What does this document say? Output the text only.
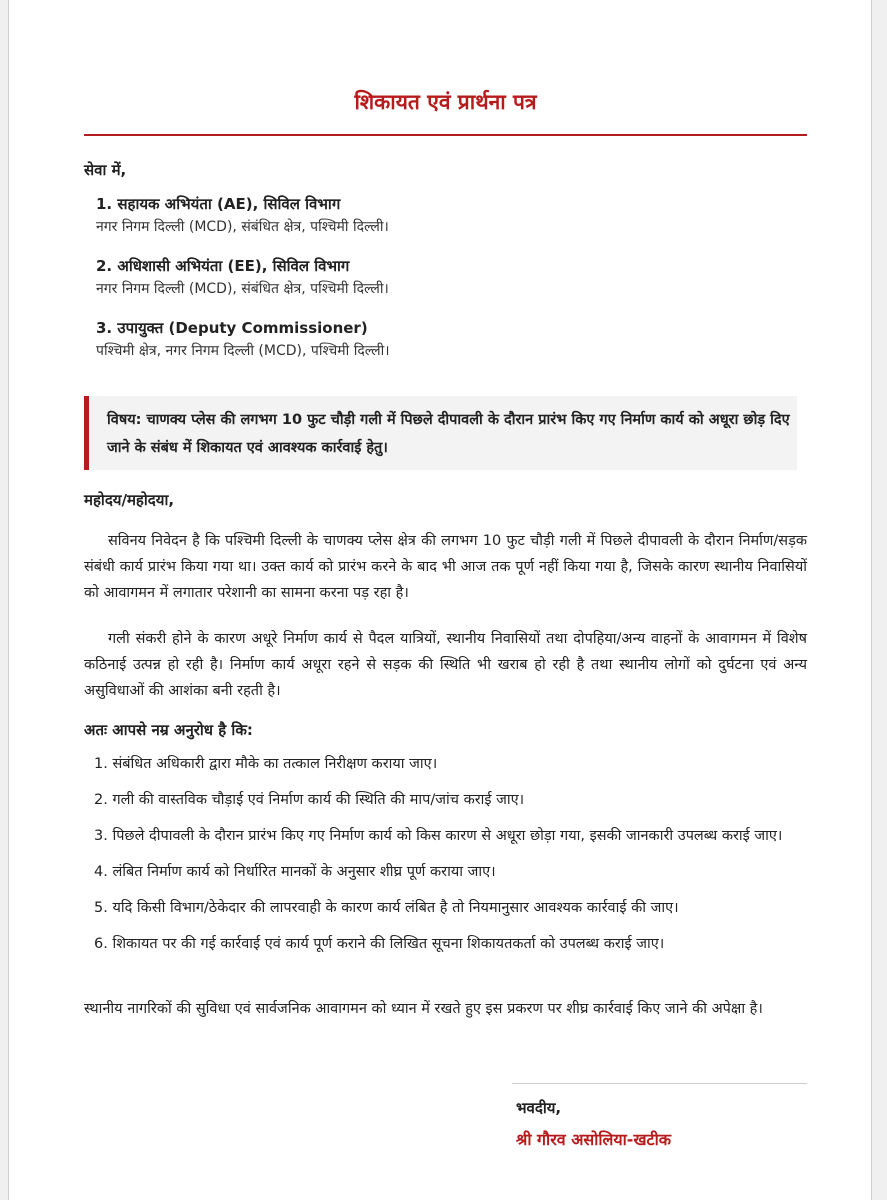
शिकायत एवं प्रार्थना पत्र
सेवा में,
1. सहायक अभियंता (AE), सिविल विभाग
नगर निगम दिल्ली (MCD), संबंधित क्षेत्र, पश्चिमी दिल्ली।
2. अधिशासी अभियंता (EE), सिविल विभाग
नगर निगम दिल्ली (MCD), संबंधित क्षेत्र, पश्चिमी दिल्ली।
3. उपायुक्त (Deputy Commissioner)
पश्चिमी क्षेत्र, नगर निगम दिल्ली (MCD), पश्चिमी दिल्ली।
विषय: चाणक्य प्लेस की लगभग 10 फुट चौड़ी गली में पिछले दीपावली के दौरान प्रारंभ किए गए निर्माण कार्य को अधूरा छोड़ दिए जाने के संबंध में शिकायत एवं आवश्यक कार्रवाई हेतु।
महोदय/महोदया,
सविनय निवेदन है कि पश्चिमी दिल्ली के चाणक्य प्लेस क्षेत्र की लगभग 10 फुट चौड़ी गली में पिछले दीपावली के दौरान निर्माण/सड़क संबंधी कार्य प्रारंभ किया गया था। उक्त कार्य को प्रारंभ करने के बाद भी आज तक पूर्ण नहीं किया गया है, जिसके कारण स्थानीय निवासियों को आवागमन में लगातार परेशानी का सामना करना पड़ रहा है।
गली संकरी होने के कारण अधूरे निर्माण कार्य से पैदल यात्रियों, स्थानीय निवासियों तथा दोपहिया/अन्य वाहनों के आवागमन में विशेष कठिनाई उत्पन्न हो रही है। निर्माण कार्य अधूरा रहने से सड़क की स्थिति भी खराब हो रही है तथा स्थानीय लोगों को दुर्घटना एवं अन्य असुविधाओं की आशंका बनी रहती है।
अतः आपसे नम्र अनुरोध है कि:
1. संबंधित अधिकारी द्वारा मौके का तत्काल निरीक्षण कराया जाए।
2. गली की वास्तविक चौड़ाई एवं निर्माण कार्य की स्थिति की माप/जांच कराई जाए।
3. पिछले दीपावली के दौरान प्रारंभ किए गए निर्माण कार्य को किस कारण से अधूरा छोड़ा गया, इसकी जानकारी उपलब्ध कराई जाए।
4. लंबित निर्माण कार्य को निर्धारित मानकों के अनुसार शीघ्र पूर्ण कराया जाए।
5. यदि किसी विभाग/ठेकेदार की लापरवाही के कारण कार्य लंबित है तो नियमानुसार आवश्यक कार्रवाई की जाए।
6. शिकायत पर की गई कार्रवाई एवं कार्य पूर्ण कराने की लिखित सूचना शिकायतकर्ता को उपलब्ध कराई जाए।
स्थानीय नागरिकों की सुविधा एवं सार्वजनिक आवागमन को ध्यान में रखते हुए इस प्रकरण पर शीघ्र कार्रवाई किए जाने की अपेक्षा है।
भवदीय,
श्री गौरव असोलिया-खटीक
